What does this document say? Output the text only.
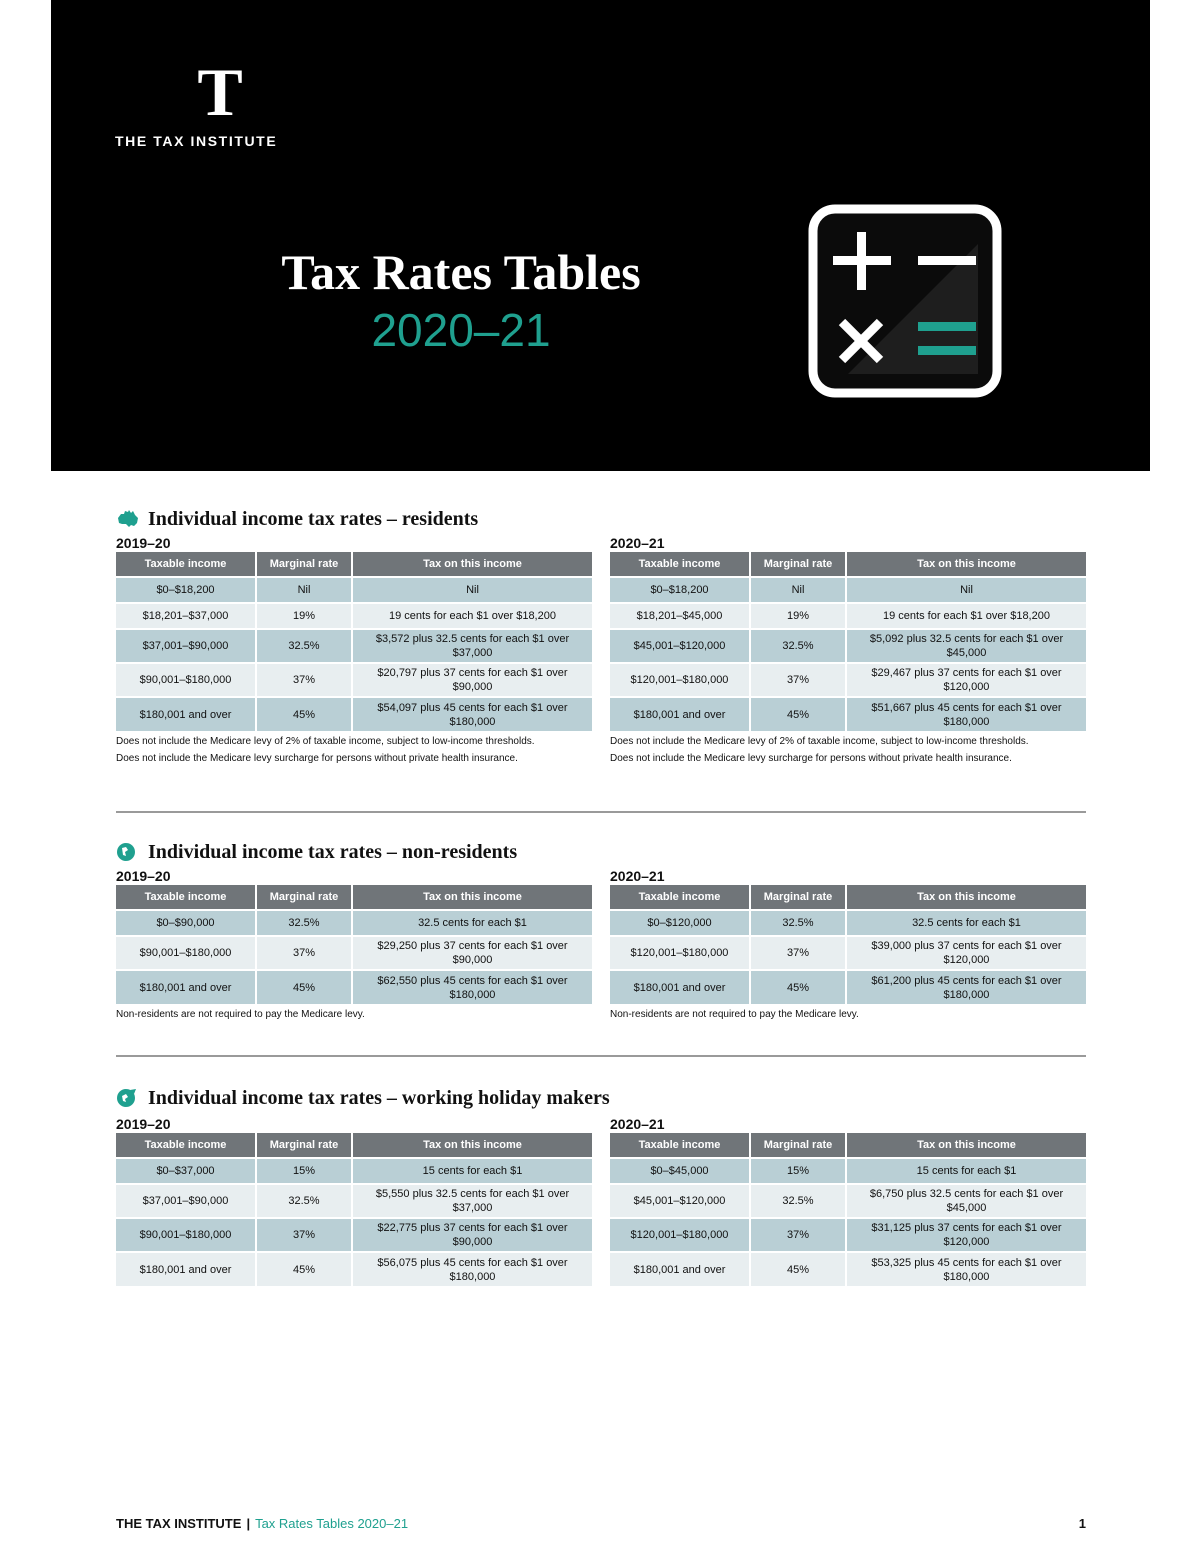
T
THE TAX INSTITUTE
Tax Rates Tables
2020–21
Individual income tax rates – residents
2019–20
Taxable income	Marginal rate	Tax on this income
$0–$18,200	Nil	Nil
$18,201–$37,000	19%	19 cents for each $1 over $18,200
$37,001–$90,000	32.5%	$3,572 plus 32.5 cents for each $1 over $37,000
$90,001–$180,000	37%	$20,797 plus 37 cents for each $1 over $90,000
$180,001 and over	45%	$54,097 plus 45 cents for each $1 over $180,000

Does not include the Medicare levy of 2% of taxable income, subject to low-income thresholds.

Does not include the Medicare levy surcharge for persons without private health insurance.

2020–21
Taxable income	Marginal rate	Tax on this income
$0–$18,200	Nil	Nil
$18,201–$45,000	19%	19 cents for each $1 over $18,200
$45,001–$120,000	32.5%	$5,092 plus 32.5 cents for each $1 over $45,000
$120,001–$180,000	37%	$29,467 plus 37 cents for each $1 over $120,000
$180,001 and over	45%	$51,667 plus 45 cents for each $1 over $180,000

Does not include the Medicare levy of 2% of taxable income, subject to low-income thresholds.

Does not include the Medicare levy surcharge for persons without private health insurance.

Individual income tax rates – non-residents
2019–20
Taxable income	Marginal rate	Tax on this income
$0–$90,000	32.5%	32.5 cents for each $1
$90,001–$180,000	37%	$29,250 plus 37 cents for each $1 over $90,000
$180,001 and over	45%	$62,550 plus 45 cents for each $1 over $180,000

Non-residents are not required to pay the Medicare levy.

2020–21
Taxable income	Marginal rate	Tax on this income
$0–$120,000	32.5%	32.5 cents for each $1
$120,001–$180,000	37%	$39,000 plus 37 cents for each $1 over $120,000
$180,001 and over	45%	$61,200 plus 45 cents for each $1 over $180,000

Non-residents are not required to pay the Medicare levy.

Individual income tax rates – working holiday makers
2019–20
Taxable income	Marginal rate	Tax on this income
$0–$37,000	15%	15 cents for each $1
$37,001–$90,000	32.5%	$5,550 plus 32.5 cents for each $1 over $37,000
$90,001–$180,000	37%	$22,775 plus 37 cents for each $1 over $90,000
$180,001 and over	45%	$56,075 plus 45 cents for each $1 over $180,000
2020–21
Taxable income	Marginal rate	Tax on this income
$0–$45,000	15%	15 cents for each $1
$45,001–$120,000	32.5%	$6,750 plus 32.5 cents for each $1 over $45,000
$120,001–$180,000	37%	$31,125 plus 37 cents for each $1 over $120,000
$180,001 and over	45%	$53,325 plus 45 cents for each $1 over $180,000
THE TAX INSTITUTE | Tax Rates Tables 2020–21	1
